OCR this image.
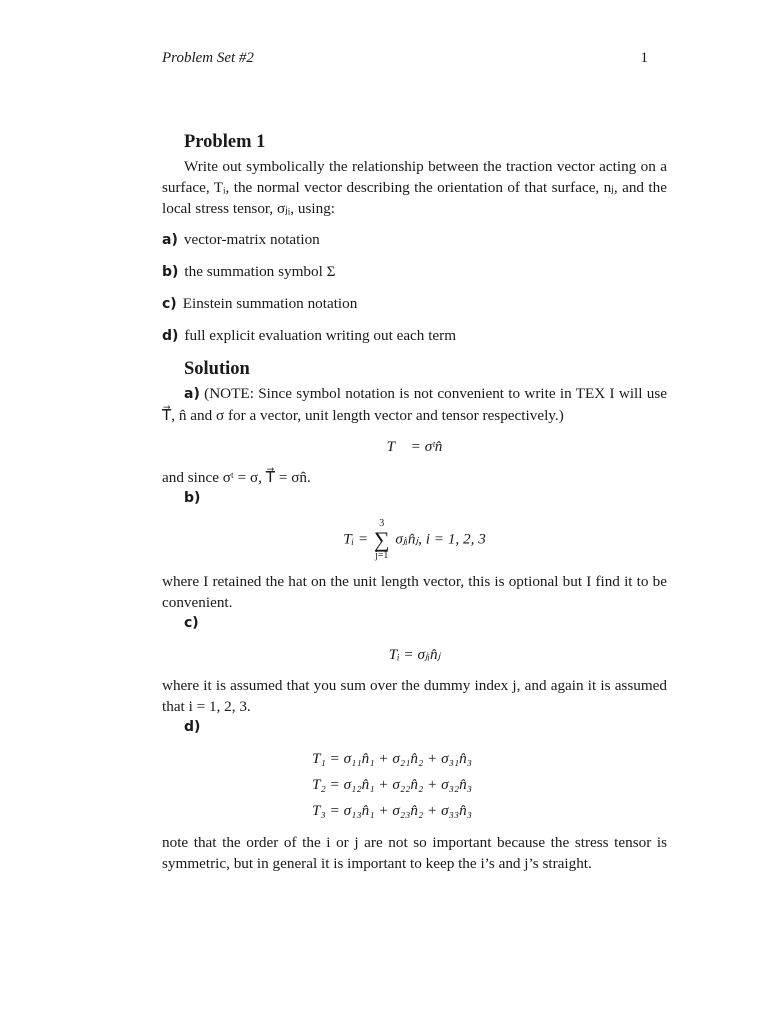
Problem Set #2	1
Problem 1

Write out symbolically the relationship between the traction vector acting on a surface, Tᵢ, the normal vector describing the orientation of that surface, nⱼ, and the local stress tensor, σⱼᵢ, using:

a) vector-matrix notation
b) the summation symbol Σ
c) Einstein summation notation
d) full explicit evaluation writing out each term
Solution

a) (NOTE: Since symbol notation is not convenient to write in TEX I will use T⃗, n̂ and σ for a vector, unit length vector and tensor respectively.)

T⃗ = σᵗn̂

and since σᵗ = σ, T⃗ = σn̂.

b)
Tᵢ =
3
∑
j=1
σⱼᵢn̂ⱼ, i = 1, 2, 3

where I retained the hat on the unit length vector, this is optional but I find it to be convenient.

c)
Tᵢ = σⱼᵢn̂ⱼ

where it is assumed that you sum over the dummy index j, and again it is assumed that i = 1, 2, 3.

d)
T₁ = σ₁₁n̂₁ + σ₂₁n̂₂ + σ₃₁n̂₃
T₂ = σ₁₂n̂₁ + σ₂₂n̂₂ + σ₃₂n̂₃
T₃ = σ₁₃n̂₁ + σ₂₃n̂₂ + σ₃₃n̂₃

note that the order of the i or j are not so important because the stress tensor is symmetric, but in general it is important to keep the i’s and j’s straight.
